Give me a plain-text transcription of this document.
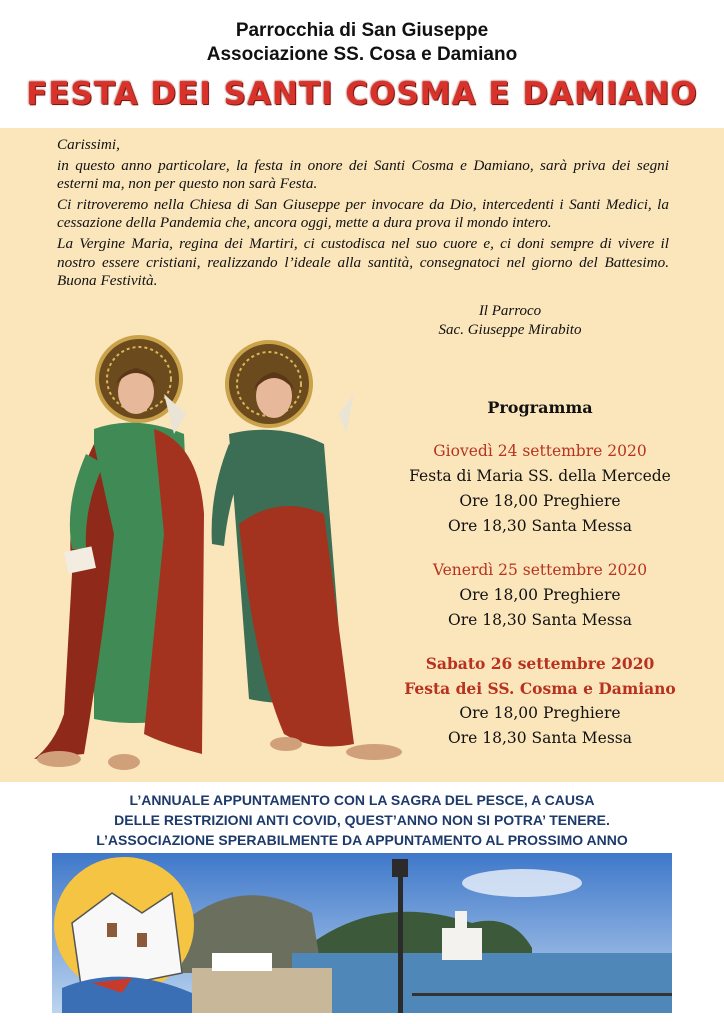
Parrocchia di San Giuseppe
Associazione SS. Cosa e Damiano
FESTA DEI SANTI COSMA E DAMIANO

Carissimi,

in questo anno particolare, la festa in onore dei Santi Cosma e Damiano, sarà priva dei segni esterni ma, non per questo non sarà Festa.

Ci ritroveremo nella Chiesa di San Giuseppe per invocare da Dio, intercedenti i Santi Medici, la cessazione della Pandemia che, ancora oggi, mette a dura prova il mondo intero.

La Vergine Maria, regina dei Martiri, ci custodisca nel suo cuore e, ci doni sempre di vivere il nostro essere cristiani, realizzando l’ideale alla santità, consegnatoci nel giorno del Battesimo. Buona Festività.

Il Parroco
Sac. Giuseppe Mirabito
Programma
Giovedì 24 settembre 2020
Festa di Maria SS. della Mercede
Ore 18,00 Preghiere
Ore 18,30 Santa Messa
Venerdì 25 settembre 2020
Ore 18,00 Preghiere
Ore 18,30 Santa Messa
Sabato 26 settembre 2020
Festa dei SS. Cosma e Damiano
Ore 18,00 Preghiere
Ore 18,30 Santa Messa
L’ANNUALE APPUNTAMENTO CON LA SAGRA DEL PESCE, A CAUSA
DELLE RESTRIZIONI ANTI COVID, QUEST’ANNO NON SI POTRA’ TENERE.
L’ASSOCIAZIONE SPERABILMENTE DA APPUNTAMENTO AL PROSSIMO ANNO
